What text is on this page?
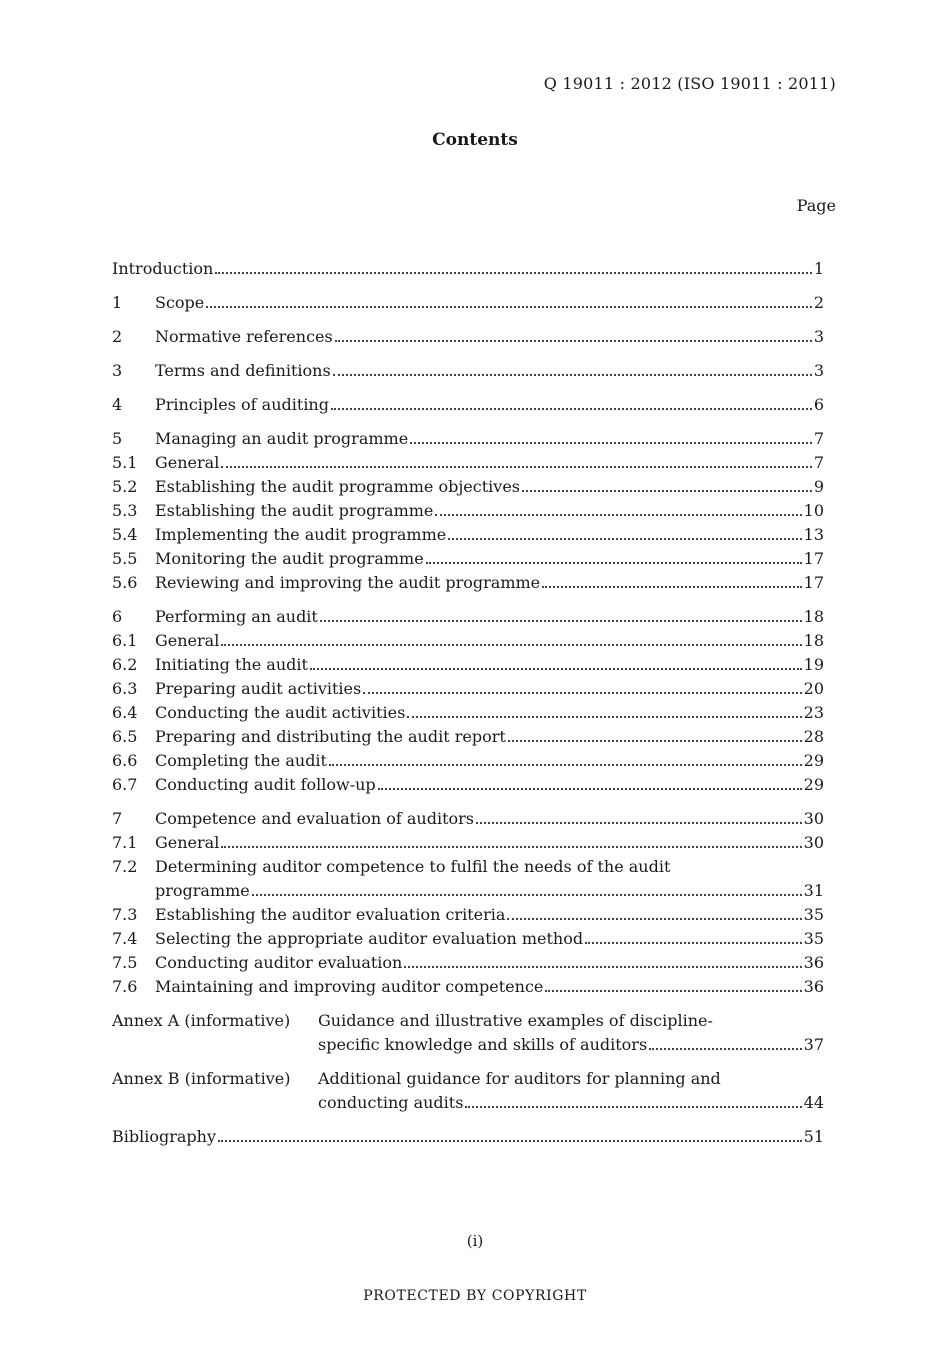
Q 19011 : 2012 (ISO 19011 : 2011)
Contents
Page
Introduction	1
1	Scope	2
2	Normative references	3
3	Terms and definitions	3
4	Principles of auditing	6
5	Managing an audit programme	7
5.1	General	7
5.2	Establishing the audit programme objectives	9
5.3	Establishing the audit programme	10
5.4	Implementing the audit programme	13
5.5	Monitoring the audit programme	17
5.6	Reviewing and improving the audit programme	17
6	Performing an audit	18
6.1	General	18
6.2	Initiating the audit	19
6.3	Preparing audit activities	20
6.4	Conducting the audit activities	23
6.5	Preparing and distributing the audit report	28
6.6	Completing the audit	29
6.7	Conducting audit follow-up	29
7	Competence and evaluation of auditors	30
7.1	General	30
7.2	Determining auditor competence to fulfil the needs of the audit
programme	31
7.3	Establishing the auditor evaluation criteria	35
7.4	Selecting the appropriate auditor evaluation method	35
7.5	Conducting auditor evaluation	36
7.6	Maintaining and improving auditor competence	36
Annex A (informative)	Guidance and illustrative examples of discipline-
specific knowledge and skills of auditors	37
Annex B (informative)	Additional guidance for auditors for planning and
conducting audits	44
Bibliography	51
(i)
PROTECTED BY COPYRIGHT
